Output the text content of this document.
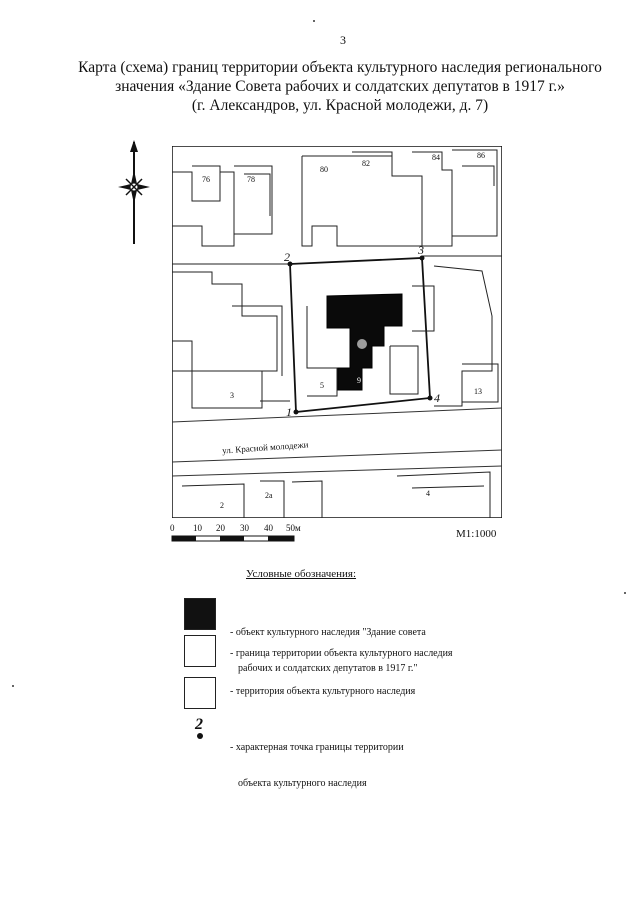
3
Карта (схема) границ территории объекта культурного наследия регионального
значения «Здание Совета рабочих и солдатских депутатов в 1917 г.»
(г. Александров, ул. Красной молодежи, д. 7)
76	78
80
82
84	86
3
5
9
13
2
2а	4
ул. Красной молодежи
1
2	3
4
0 10 20 30 40 50м	М1:1000
Условные обозначения:

- объект культурного наследия "Здание совета

рабочих и солдатских депутатов в 1917 г."

- граница территории объекта культурного наследия
- территория объекта культурного наследия
2

- характерная точка границы территории

объекта культурного наследия
